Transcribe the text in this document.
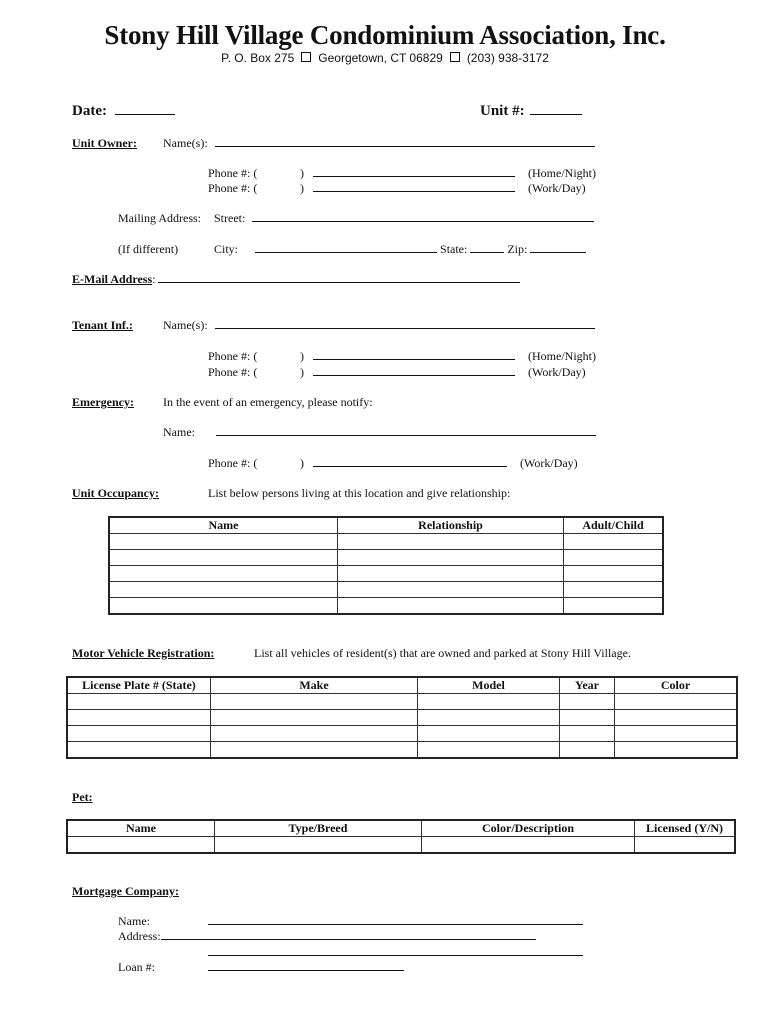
Stony Hill Village Condominium Association, Inc.
P. O. Box 275 Georgetown, CT 06829 (203) 938-3172
Date:	Unit #:
Unit Owner: Name(s):
Phone #: (	)	(Home/Night)
Phone #: (	)	(Work/Day)
Mailing Address: Street:
(If different)	City:	State:	Zip:
E-Mail Address:
Tenant Inf.:	Name(s):
Phone #: (	)	(Home/Night)
Phone #: (	)	(Work/Day)
Emergency: In the event of an emergency, please notify:
Name:
Phone #: (	)	(Work/Day)
Unit Occupancy:	List below persons living at this location and give relationship:
Name	Relationship	Adult/Child

Motor Vehicle Registration:	List all vehicles of resident(s) that are owned and parked at Stony Hill Village.
License Plate # (State)	Make	Model	Year	Color

Pet:
Name	Type/Breed	Color/Description	Licensed (Y/N)

Mortgage Company:
Name:
Address:
Loan #:
